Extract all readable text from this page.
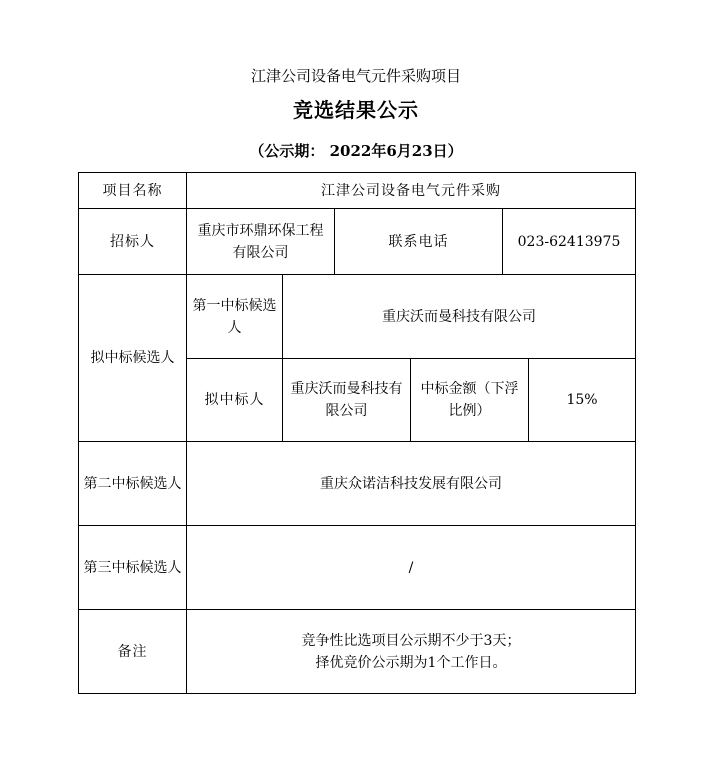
江津公司设备电气元件采购项目
竞选结果公示
（公示期： 2022年6月23日）
项目名称	江津公司设备电气元件采购					
招标人	重庆市环鼎环保工程有限公司		联系电话		023-62413975	
拟中标候选人	第一中标候选人	重庆沃而曼科技有限公司				
	拟中标人	重庆沃而曼科技有限公司		中标金额（下浮比例）		15%
第二中标候选人	重庆众诺洁科技发展有限公司					
第三中标候选人	/					
备注	竞争性比选项目公示期不少于3天；
择优竞价公示期为1个工作日。					
